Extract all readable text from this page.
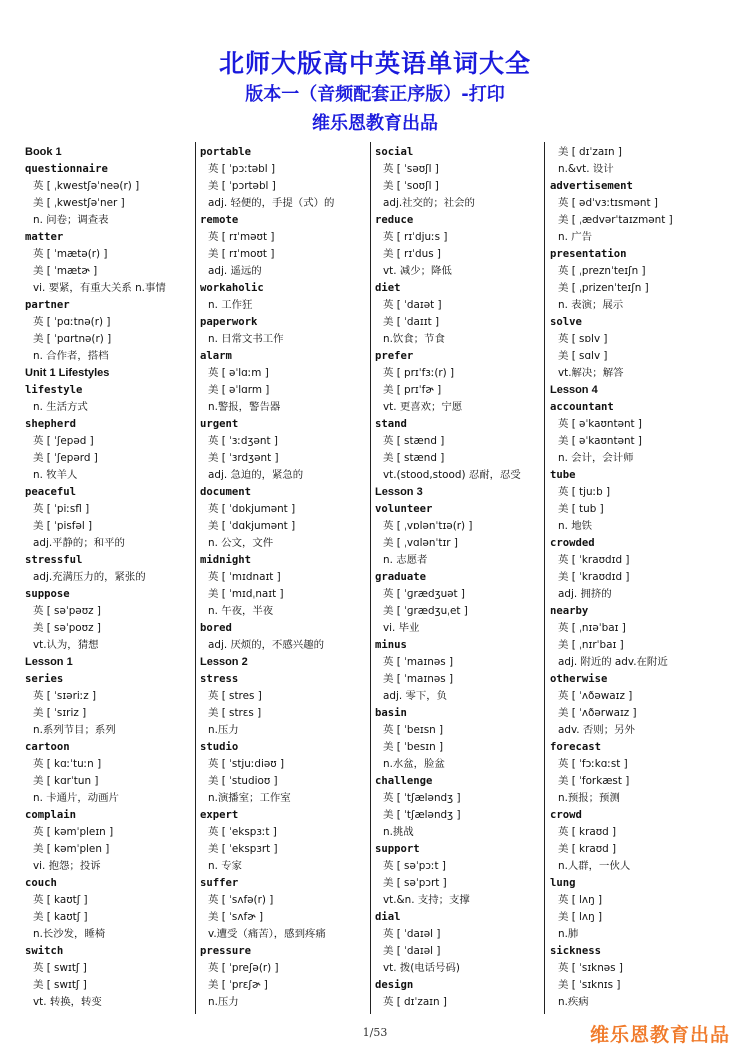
北师大版高中英语单词大全
版本一（音频配套正序版）-打印
维乐恩教育出品
Book 1
questionnaire
英 [ ˌkwestʃəˈneə(r) ]
美 [ ˌkwestʃəˈner ]
n. 问卷；调查表
matter
英 [ ˈmætə(r) ]
美 [ ˈmætɚ ]
vi. 要紧，有重大关系 n.事情
partner
英 [ ˈpɑːtnə(r) ]
美 [ ˈpɑrtnə(r) ]
n. 合作者，搭档
Unit 1 Lifestyles
lifestyle
n. 生活方式
shepherd
英 [ ˈʃepəd ]
美 [ ˈʃepərd ]
n. 牧羊人
peaceful
英 [ ˈpiːsfl ]
美 [ ˈpisfəl ]
adj.平静的；和平的
stressful
adj.充满压力的，紧张的
suppose
英 [ səˈpəʊz ]
美 [ səˈpoʊz ]
vt.认为，猜想
Lesson 1
series
英 [ ˈsɪəriːz ]
美 [ ˈsɪriz ]
n.系列节目；系列
cartoon
英 [ kɑːˈtuːn ]
美 [ kɑrˈtun ]
n. 卡通片，动画片
complain
英 [ kəmˈpleɪn ]
美 [ kəmˈplen ]
vi. 抱怨；投诉
couch
英 [ kaʊtʃ ]
美 [ kaʊtʃ ]
n.长沙发，睡椅
switch
英 [ swɪtʃ ]
美 [ swɪtʃ ]
vt. 转换，转变
portable
英 [ ˈpɔːtəbl ]
美 [ ˈpɔrtəbl ]
adj. 轻便的，手提（式）的
remote
英 [ rɪˈməʊt ]
美 [ rɪˈmoʊt ]
adj. 遥远的
workaholic
n. 工作狂
paperwork
n. 日常文书工作
alarm
英 [ əˈlɑːm ]
美 [ əˈlɑrm ]
n.警报，警告器
urgent
英 [ ˈɜːdʒənt ]
美 [ ˈɜrdʒənt ]
adj. 急迫的，紧急的
document
英 [ ˈdɒkjumənt ]
美 [ ˈdɑkjumənt ]
n. 公文，文件
midnight
英 [ ˈmɪdnaɪt ]
美 [ ˈmɪdˌnaɪt ]
n. 午夜，半夜
bored
adj. 厌烦的，不感兴趣的
Lesson 2
stress
英 [ stres ]
美 [ strɛs ]
n.压力
studio
英 [ ˈstjuːdiəʊ ]
美 [ ˈstudioʊ ]
n.演播室；工作室
expert
英 [ ˈekspɜːt ]
美 [ ˈekspɜrt ]
n. 专家
suffer
英 [ ˈsʌfə(r) ]
美 [ ˈsʌfɚ ]
v.遭受（痛苦），感到疼痛
pressure
英 [ ˈpreʃə(r) ]
美 [ ˈprɛʃɚ ]
n.压力
social
英 [ ˈsəʊʃl ]
美 [ ˈsoʊʃl ]
adj.社交的；社会的
reduce
英 [ rɪˈdjuːs ]
美 [ rɪˈdus ]
vt. 减少；降低
diet
英 [ ˈdaɪət ]
美 [ ˈdaɪɪt ]
n.饮食；节食
prefer
英 [ prɪˈfɜː(r) ]
美 [ prɪˈfɚ ]
vt. 更喜欢；宁愿
stand
英 [ stænd ]
美 [ stænd ]
vt.(stood,stood) 忍耐，忍受
Lesson 3
volunteer
英 [ ˌvɒlənˈtɪə(r) ]
美 [ ˌvɑlənˈtɪr ]
n. 志愿者
graduate
英 [ ˈɡrædʒuət ]
美 [ ˈɡrædʒuˌet ]
vi. 毕业
minus
英 [ ˈmaɪnəs ]
美 [ ˈmaɪnəs ]
adj. 零下，负
basin
英 [ ˈbeɪsn ]
美 [ ˈbesɪn ]
n.水盆，脸盆
challenge
英 [ ˈtʃæləndʒ ]
美 [ ˈtʃæləndʒ ]
n.挑战
support
英 [ səˈpɔːt ]
美 [ səˈpɔrt ]
vt.&n. 支持；支撑
dial
英 [ ˈdaɪəl ]
美 [ ˈdaɪəl ]
vt. 拨(电话号码)
design
英 [ dɪˈzaɪn ]
美 [ dɪˈzaɪn ]
n.&vt. 设计
advertisement
英 [ ədˈvɜːtɪsmənt ]
美 [ ˌædvərˈtaɪzmənt ]
n. 广告
presentation
英 [ ˌpreznˈteɪʃn ]
美 [ ˌprizenˈteɪʃn ]
n. 表演；展示
solve
英 [ sɒlv ]
美 [ sɑlv ]
vt.解决；解答
Lesson 4
accountant
英 [ əˈkaʊntənt ]
美 [ əˈkaʊntənt ]
n. 会计，会计师
tube
英 [ tjuːb ]
美 [ tub ]
n. 地铁
crowded
英 [ ˈkraʊdɪd ]
美 [ ˈkraʊdɪd ]
adj. 拥挤的
nearby
英 [ ˌnɪəˈbaɪ ]
美 [ ˌnɪrˈbaɪ ]
adj. 附近的 adv.在附近
otherwise
英 [ ˈʌðəwaɪz ]
美 [ ˈʌðərwaɪz ]
adv. 否则；另外
forecast
英 [ ˈfɔːkɑːst ]
美 [ ˈforkæst ]
n.预报；预测
crowd
英 [ kraʊd ]
美 [ kraʊd ]
n.人群，一伙人
lung
英 [ lʌŋ ]
美 [ lʌŋ ]
n.肺
sickness
英 [ ˈsɪknəs ]
美 [ ˈsɪknɪs ]
n.疾病
1/53	维乐恩教育出品
